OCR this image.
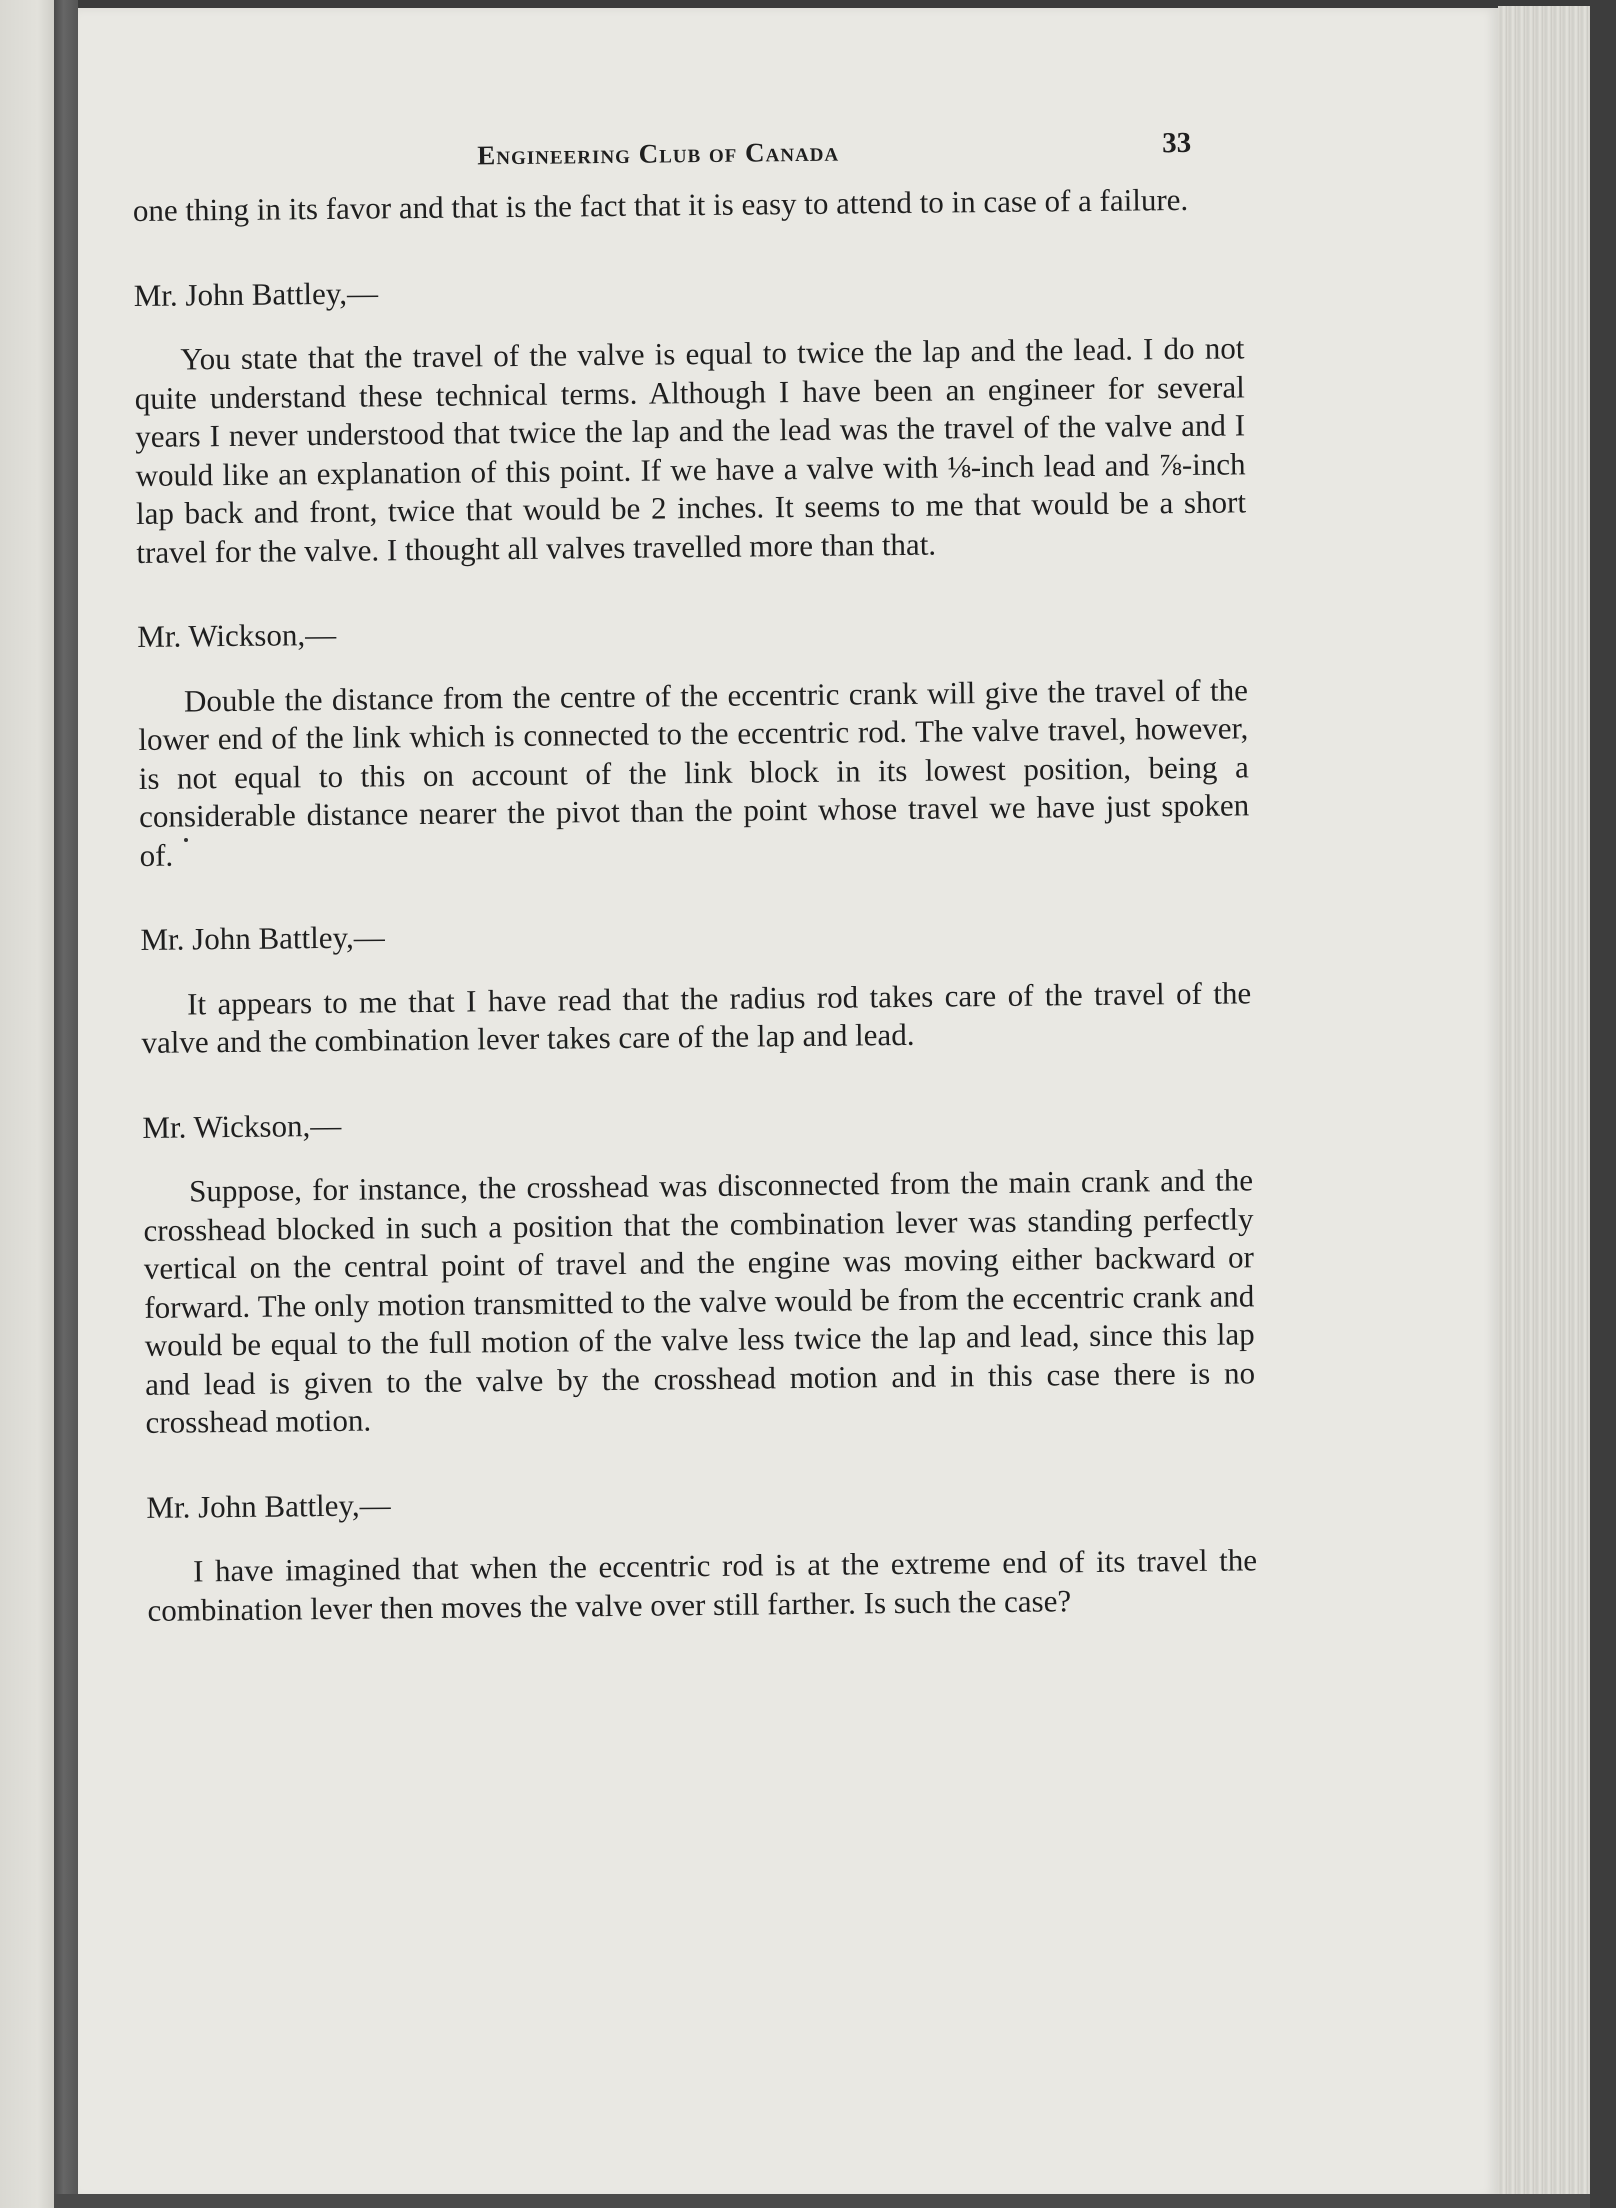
Engineering Club of Canada	33

one thing in its favor and that is the fact that it is easy to attend to in case of a failure.

Mr. John Battley,—

You state that the travel of the valve is equal to twice the lap and the lead. I do not quite understand these technical terms. Although I have been an engineer for several years I never understood that twice the lap and the lead was the travel of the valve and I would like an explanation of this point. If we have a valve with ⅛-inch lead and ⅞-inch lap back and front, twice that would be 2 inches. It seems to me that would be a short travel for the valve. I thought all valves travelled more than that.

Mr. Wickson,—

Double the distance from the centre of the eccentric crank will give the travel of the lower end of the link which is connected to the eccentric rod. The valve travel, however, is not equal to this on account of the link block in its lowest position, being a considerable distance nearer the pivot than the point whose travel we have just spoken of.

Mr. John Battley,—

It appears to me that I have read that the radius rod takes care of the travel of the valve and the combination lever takes care of the lap and lead.

Mr. Wickson,—

Suppose, for instance, the crosshead was disconnected from the main crank and the crosshead blocked in such a position that the combination lever was standing perfectly vertical on the central point of travel and the engine was moving either backward or forward. The only motion transmitted to the valve would be from the eccentric crank and would be equal to the full motion of the valve less twice the lap and lead, since this lap and lead is given to the valve by the crosshead motion and in this case there is no crosshead motion.

Mr. John Battley,—

I have imagined that when the eccentric rod is at the extreme end of its travel the combination lever then moves the valve over still farther. Is such the case?
